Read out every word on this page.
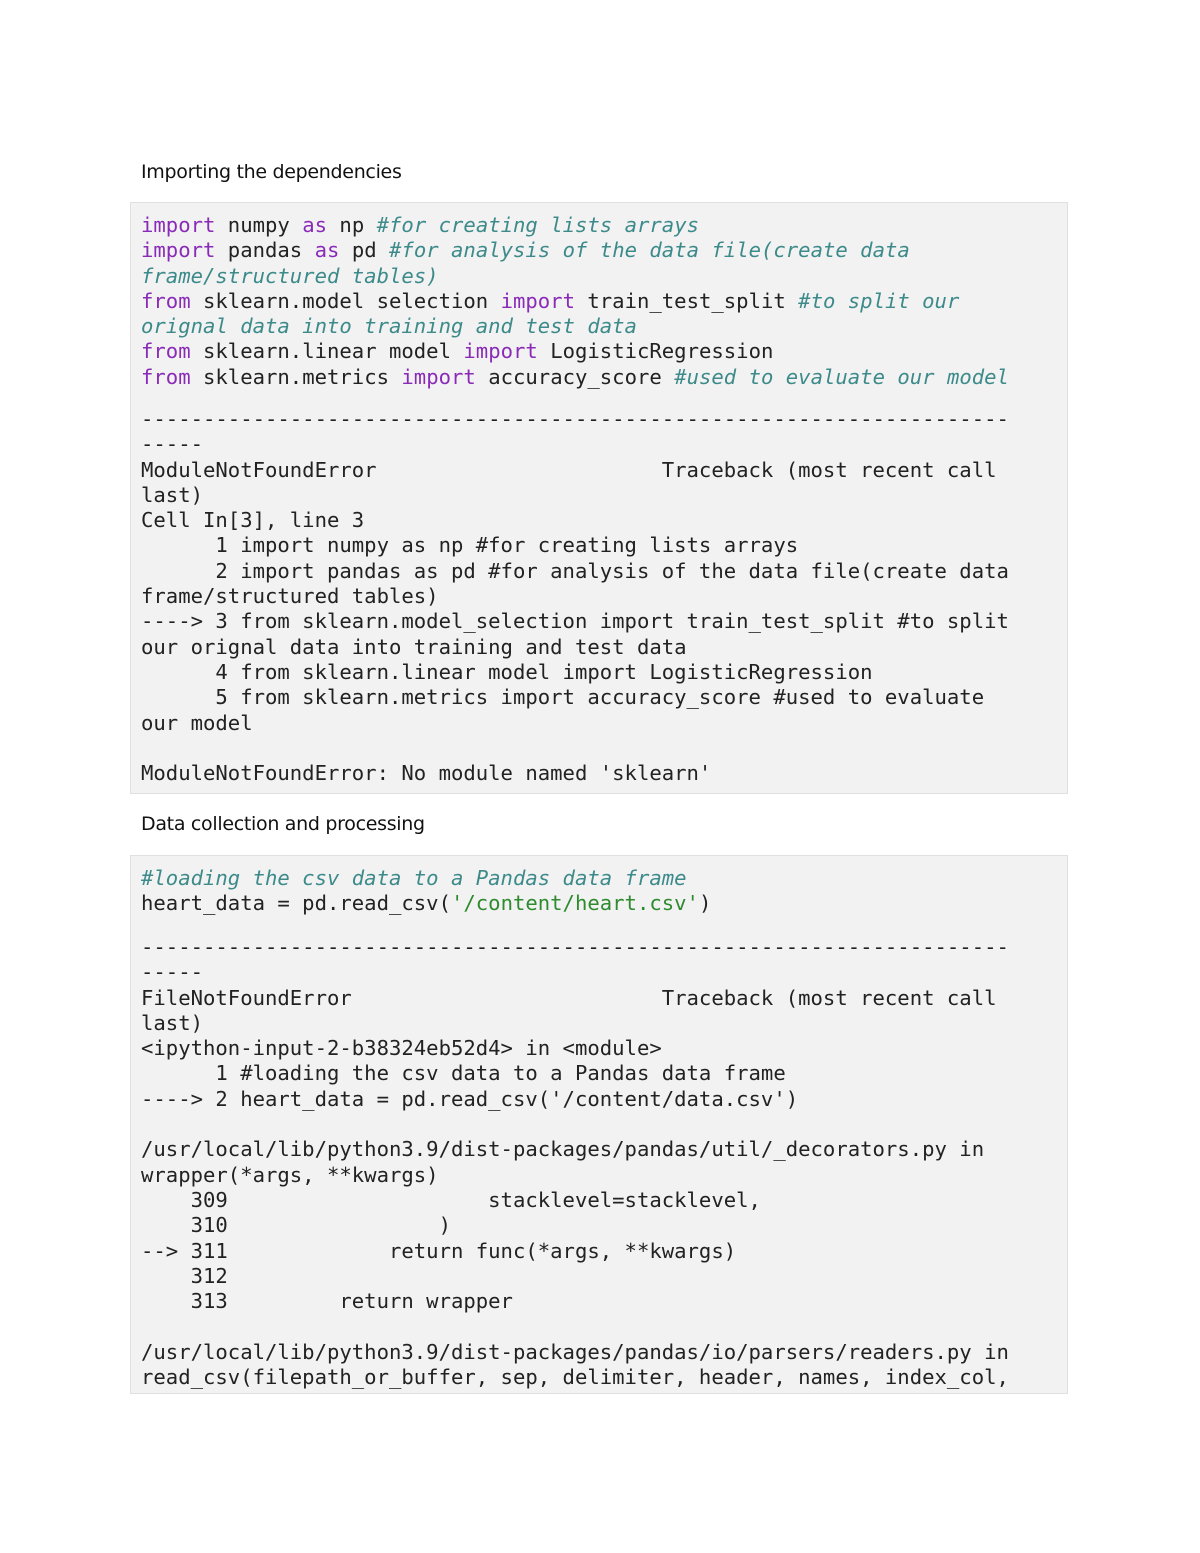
Importing the dependencies
import numpy as np #for creating lists arrays
import pandas as pd #for analysis of the data file(create data
frame/structured tables)
from sklearn.model selection import train_test_split #to split our
orignal data into training and test data
from sklearn.linear model import LogisticRegression
from sklearn.metrics import accuracy_score #used to evaluate our model
----------------------------------------------------------------------
-----
ModuleNotFoundError                       Traceback (most recent call
last)
Cell In[3], line 3
1 import numpy as np #for creating lists arrays
2 import pandas as pd #for analysis of the data file(create data
frame/structured tables)
----> 3 from sklearn.model_selection import train_test_split #to split
our orignal data into training and test data
4 from sklearn.linear model import LogisticRegression
5 from sklearn.metrics import accuracy_score #used to evaluate
our model

ModuleNotFoundError: No module named 'sklearn'
Data collection and processing
#loading the csv data to a Pandas data frame
heart_data = pd.read_csv('/content/heart.csv')
----------------------------------------------------------------------
-----
FileNotFoundError                         Traceback (most recent call
last)
<ipython-input-2-b38324eb52d4> in <module>
1 #loading the csv data to a Pandas data frame
----> 2 heart_data = pd.read_csv('/content/data.csv')

/usr/local/lib/python3.9/dist-packages/pandas/util/_decorators.py in
wrapper(*args, **kwargs)
309                     stacklevel=stacklevel,
310                 )
--> 311             return func(*args, **kwargs)
312
313         return wrapper

/usr/local/lib/python3.9/dist-packages/pandas/io/parsers/readers.py in
read_csv(filepath_or_buffer, sep, delimiter, header, names, index_col,
